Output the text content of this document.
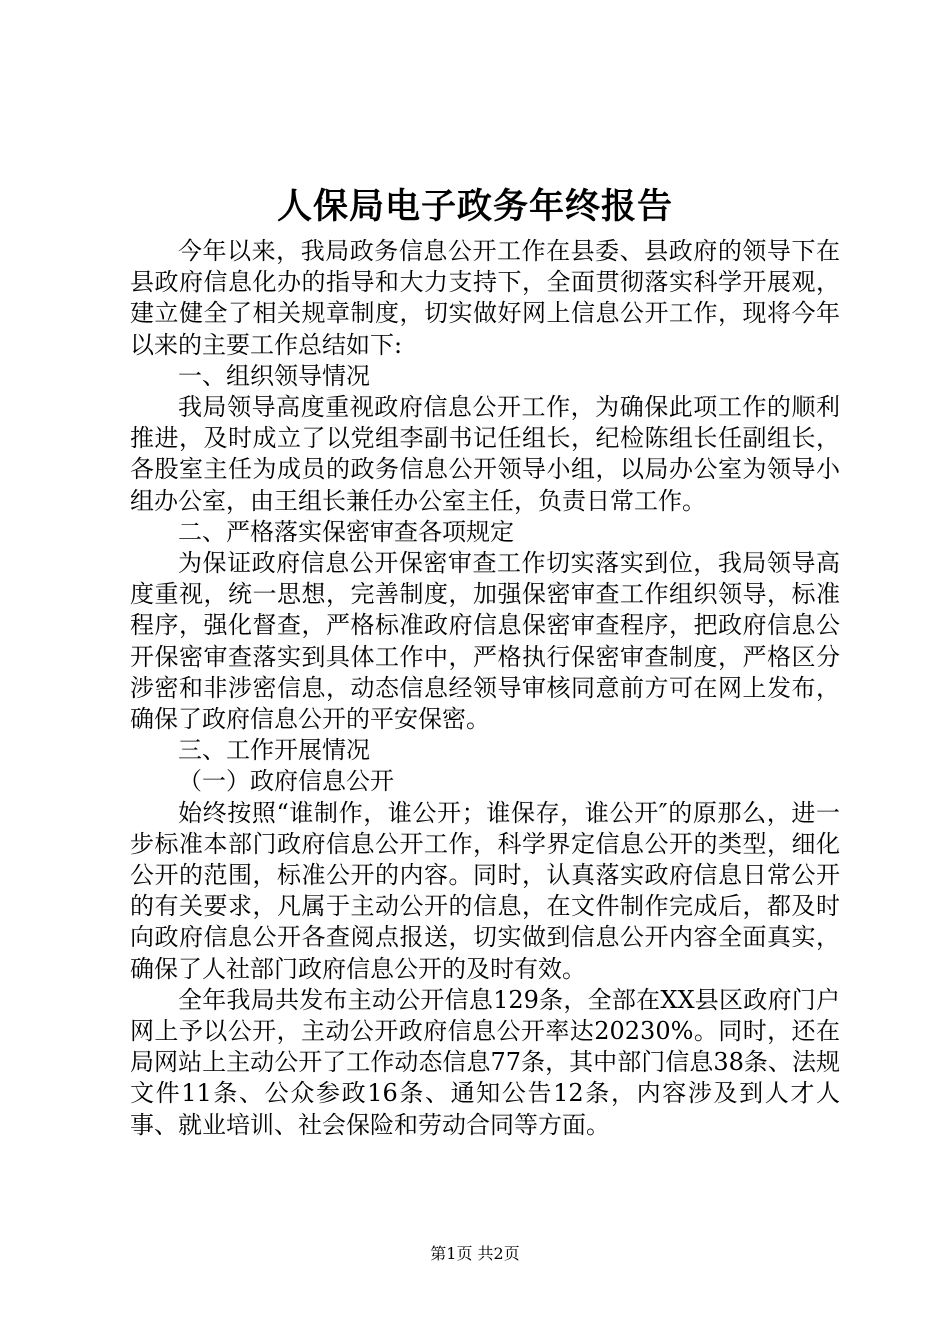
人保局电子政务年终报告

今年以来，我局政务信息公开工作在县委、县政府的领导下在县政府信息化办的指导和大力支持下，全面贯彻落实科学开展观，建立健全了相关规章制度，切实做好网上信息公开工作，现将今年以来的主要工作总结如下:

一、组织领导情况

我局领导高度重视政府信息公开工作，为确保此项工作的顺利推进，及时成立了以党组李副书记任组长，纪检陈组长任副组长，各股室主任为成员的政务信息公开领导小组，以局办公室为领导小组办公室，由王组长兼任办公室主任，负责日常工作。

二、严格落实保密审查各项规定

为保证政府信息公开保密审查工作切实落实到位，我局领导高度重视，统一思想，完善制度，加强保密审查工作组织领导，标准程序，强化督查，严格标准政府信息保密审查程序，把政府信息公开保密审查落实到具体工作中，严格执行保密审查制度，严格区分涉密和非涉密信息，动态信息经领导审核同意前方可在网上发布，确保了政府信息公开的平安保密。

三、工作开展情况

（一）政府信息公开

始终按照“谁制作，谁公开；谁保存，谁公开″的原那么，进一步标准本部门政府信息公开工作，科学界定信息公开的类型，细化公开的范围，标准公开的内容。同时，认真落实政府信息日常公开的有关要求，凡属于主动公开的信息，在文件制作完成后，都及时向政府信息公开各查阅点报送，切实做到信息公开内容全面真实，确保了人社部门政府信息公开的及时有效。

全年我局共发布主动公开信息129条，全部在XX县区政府门户网上予以公开，主动公开政府信息公开率达20230%。同时，还在局网站上主动公开了工作动态信息77条，其中部门信息38条、法规文件11条、公众参政16条、通知公告12条，内容涉及到人才人事、就业培训、社会保险和劳动合同等方面。

第1页 共2页
